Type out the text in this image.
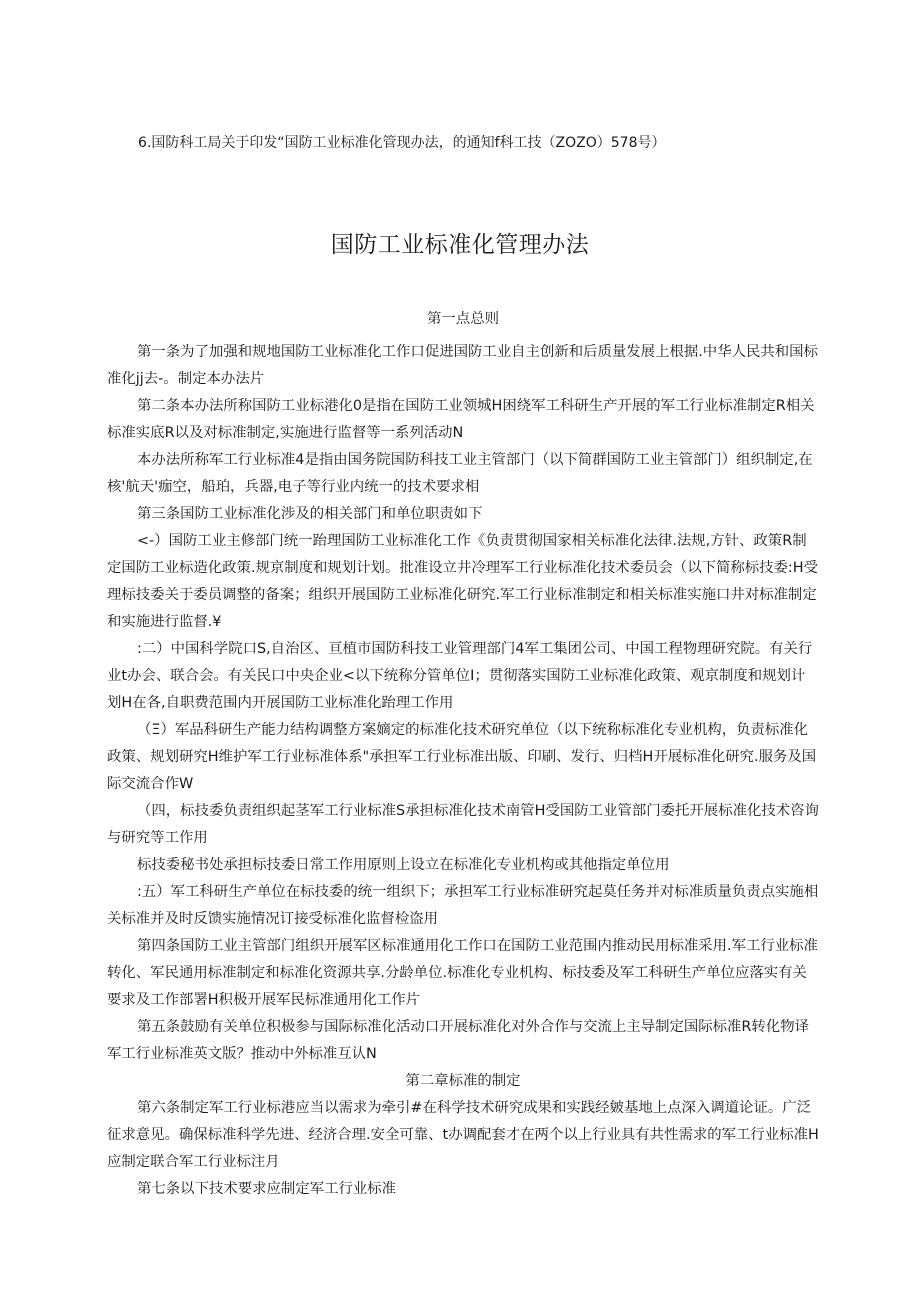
6.国防科工局关于印发“国防工业标准化管现办法，的通知f科工技（ZOZO）578号）
国防工业标准化管理办法
第一点总则

第一条为了加强和规地国防工业标准化工作口促进国防工业自主创新和后质量发展上根据.中华人民共和国标准化jj去-。制定本办法片

第二条本办法所称国防工业标港化0是指在国防工业领城H困绕军工科研生产开展的军工行业标准制定R相关标准实底R以及对标准制定,实施进行监督等一系列活动N

本办法所称军工行业标准4是指由国务院国防科技工业主管部门（以下简群国防工业主管部门）组织制定,在核'航天'痂空，船珀，兵器,电子等行业内统一的技术要求相

第三条国防工业标准化涉及的相关部门和单位职责如下

<-）国防工业主修部门统一跆理国防工业标准化工作《负责贯彻国家相关标准化法律.法规,方针、政策R制定国防工业标造化政策.规京制度和规划计划。批准设立井冷理军工行业标准化技术委员会（以下简称标技委:H受理标技委关于委员调整的备案；组织开展国防工业标准化研究.军工行业标准制定和相关标准实施口井对标准制定和实施进行监督.¥

:二）中国科学院口S,自治区、亘植市国防科技工业管理部门4军工集团公司、中国工程物理研究院。有关行业t办会、联合会。有关民口中央企业<以下统称分管单位I；贯彻落实国防工业标准化政策、观京制度和规划计划H在各,自职费范围内开展国防工业标准化跆理工作用

（Ξ）军品科研生产能力结构调整方案嫡定的标准化技术研究单位（以下统称标准化专业机构，负责标准化政策、规划研究H维护军工行业标准体系"承担军工行业标准出版、印刷、发行、归档H开展标准化研究.服务及国际交流合作W

（四，标技委负责组织起茎军工行业标准S承担标准化技术南管H受国防工业管部门委托开展标准化技术咨询与研究等工作用

标技委秘书处承担标技委日常工作用原则上设立在标准化专业机构或其他指定单位用

:五）军工科研生产单位在标技委的统一组织下；承担军工行业标准研究起莫任务并对标准质量负责点实施相关标准并及时反馈实施情况订接受标准化监督检盗用

第四条国防工业主管部门组织开展军区标准通用化工作口在国防工业范围内推动民用标准采用.军工行业标准转化、军民通用标准制定和标准化资源共享.分龄单位.标准化专业机构、标技委及军工科研生产单位应落实有关要求及工作部署H积极开展军民标准通用化工作片

第五条鼓励有关单位积极参与国际标准化活动口开展标准化对外合作与交流上主导制定国际标准R转化物译军工行业标准英文版？推动中外标准互认N

第二章标准的制定

第六条制定军工行业标港应当以需求为牵引#在科学技术研究成果和实践经皴基地上点深入调道论证。广泛征求意见。确保标准科学先进、经济合理.安全可靠、t办调配套才在两个以上行业具有共性需求的军工行业标准H应制定联合军工行业标注月

第七条以下技术要求应制定军工行业标准
